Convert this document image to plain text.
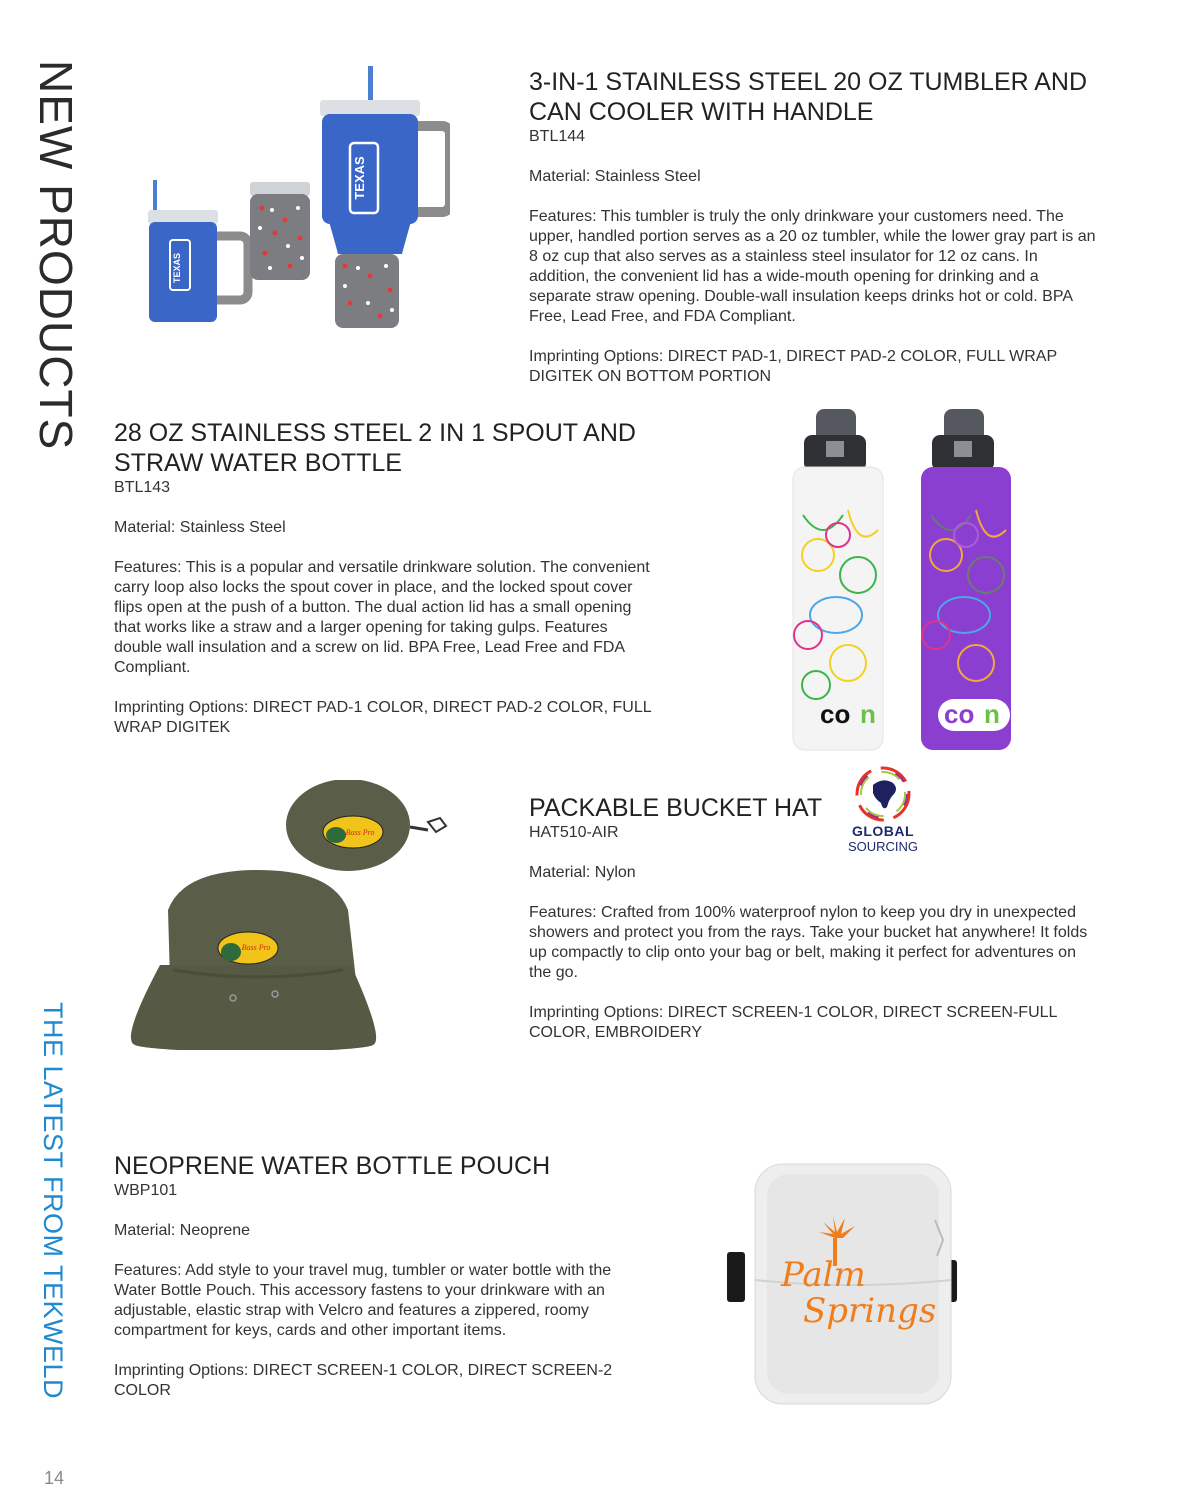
NEW PRODUCTS
THE LATEST FROM TEKWELD
14
TEXAS
TEXAS
3-IN-1 STAINLESS STEEL 20 OZ TUMBLER AND CAN COOLER WITH HANDLE
BTL144
Material: Stainless Steel
Features: This tumbler is truly the only drinkware your customers need. The upper, handled portion serves as a 20 oz tumbler, while the lower gray part is an 8 oz cup that also serves as a stainless steel insulator for 12 oz cans. In addition, the convenient lid has a wide-mouth opening for drinking and a separate straw opening. Double-wall insulation keeps drinks hot or cold. BPA Free, Lead Free, and FDA Compliant.
Imprinting Options: DIRECT PAD-1, DIRECT PAD-2 COLOR, FULL WRAP DIGITEK ON BOTTOM PORTION
28 OZ STAINLESS STEEL 2 IN 1 SPOUT AND STRAW WATER BOTTLE
BTL143
Material: Stainless Steel
Features: This is a popular and versatile drinkware solution. The convenient carry loop also locks the spout cover in place, and the locked spout cover flips open at the push of a button. The dual action lid has a small opening that works like a straw and a larger opening for taking gulps. Features double wall insulation and a screw on lid. BPA Free, Lead Free and FDA Compliant.
Imprinting Options: DIRECT PAD-1 COLOR, DIRECT PAD-2 COLOR, FULL WRAP DIGITEK	co n	co n
Bass Pro
Bass Pro
PACKABLE BUCKET HAT
HAT510-AIR
Material: Nylon
Features: Crafted from 100% waterproof nylon to keep you dry in unexpected showers and protect you from the rays. Take your bucket hat anywhere! It folds up compactly to clip onto your bag or belt, making it perfect for adventures on the go.
Imprinting Options: DIRECT SCREEN-1 COLOR, DIRECT SCREEN-FULL COLOR, EMBROIDERY
GLOBAL
SOURCING
NEOPRENE WATER BOTTLE POUCH
WBP101
Material: Neoprene
Features: Add style to your travel mug, tumbler or water bottle with the Water Bottle Pouch. This accessory fastens to your drinkware with an adjustable, elastic strap with Velcro and features a zippered, roomy compartment for keys, cards and other important items.
Imprinting Options: DIRECT SCREEN-1 COLOR, DIRECT SCREEN-2 COLOR
Palm
Springs
